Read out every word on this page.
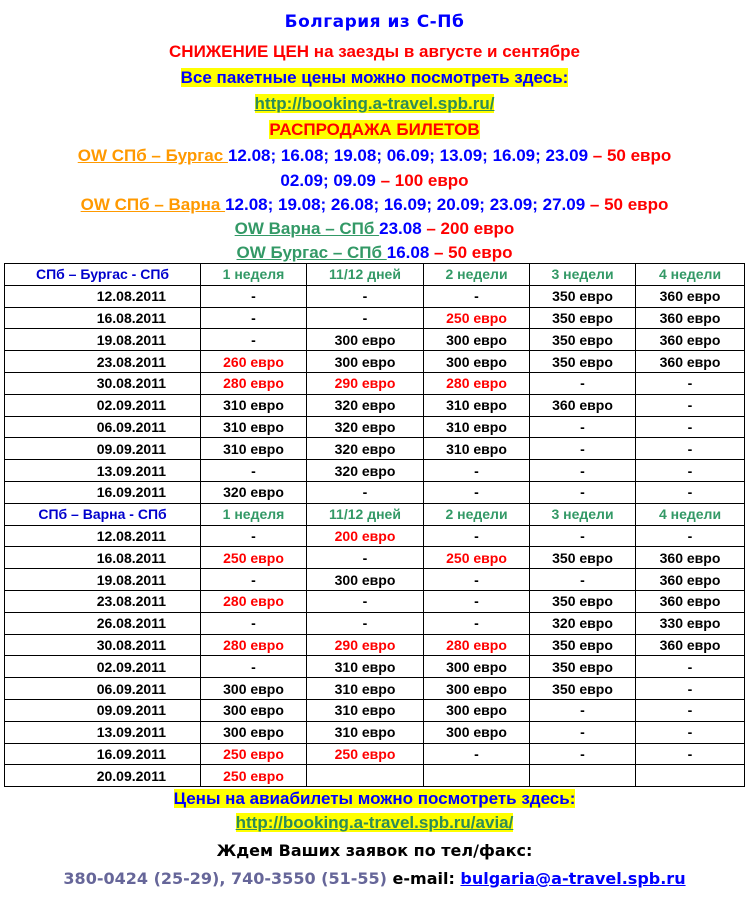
Болгария из С-Пб
СНИЖЕНИЕ ЦЕН на заезды в августе и сентябре
Все пакетные цены можно посмотреть здесь:
http://booking.a-travel.spb.ru/
РАСПРОДАЖА БИЛЕТОВ
OW СПб – Бургас 12.08; 16.08; 19.08; 06.09; 13.09; 16.09; 23.09 – 50 евро
02.09; 09.09 – 100 евро
OW СПб – Варна 12.08; 19.08; 26.08; 16.09; 20.09; 23.09; 27.09 – 50 евро
OW Варна – СПб 23.08 – 200 евро
OW Бургас – СПб 16.08 – 50 евро
СПб – Бургас - СПб	1 неделя	11/12 дней	2 недели	3 недели	4 недели
12.08.2011	-	-	-	350 евро	360 евро
16.08.2011	-	-	250 евро	350 евро	360 евро
19.08.2011	-	300 евро	300 евро	350 евро	360 евро
23.08.2011	260 евро	300 евро	300 евро	350 евро	360 евро
30.08.2011	280 евро	290 евро	280 евро	-	-
02.09.2011	310 евро	320 евро	310 евро	360 евро	-
06.09.2011	310 евро	320 евро	310 евро	-	-
09.09.2011	310 евро	320 евро	310 евро	-	-
13.09.2011	-	320 евро	-	-	-
16.09.2011	320 евро	-	-	-	-
СПб – Варна - СПб	1 неделя	11/12 дней	2 недели	3 недели	4 недели
12.08.2011	-	200 евро	-	-	-
16.08.2011	250 евро	-	250 евро	350 евро	360 евро
19.08.2011	-	300 евро	-	-	360 евро
23.08.2011	280 евро	-	-	350 евро	360 евро
26.08.2011	-	-	-	320 евро	330 евро
30.08.2011	280 евро	290 евро	280 евро	350 евро	360 евро
02.09.2011	-	310 евро	300 евро	350 евро	-
06.09.2011	300 евро	310 евро	300 евро	350 евро	-
09.09.2011	300 евро	310 евро	300 евро	-	-
13.09.2011	300 евро	310 евро	300 евро	-	-
16.09.2011	250 евро	250 евро	-	-	-
20.09.2011	250 евро				
Цены на авиабилеты можно посмотреть здесь:
http://booking.a-travel.spb.ru/avia/
Ждем Ваших заявок по тел/факс:
380-0424 (25-29), 740-3550 (51-55) e-mail: bulgaria@a-travel.spb.ru
